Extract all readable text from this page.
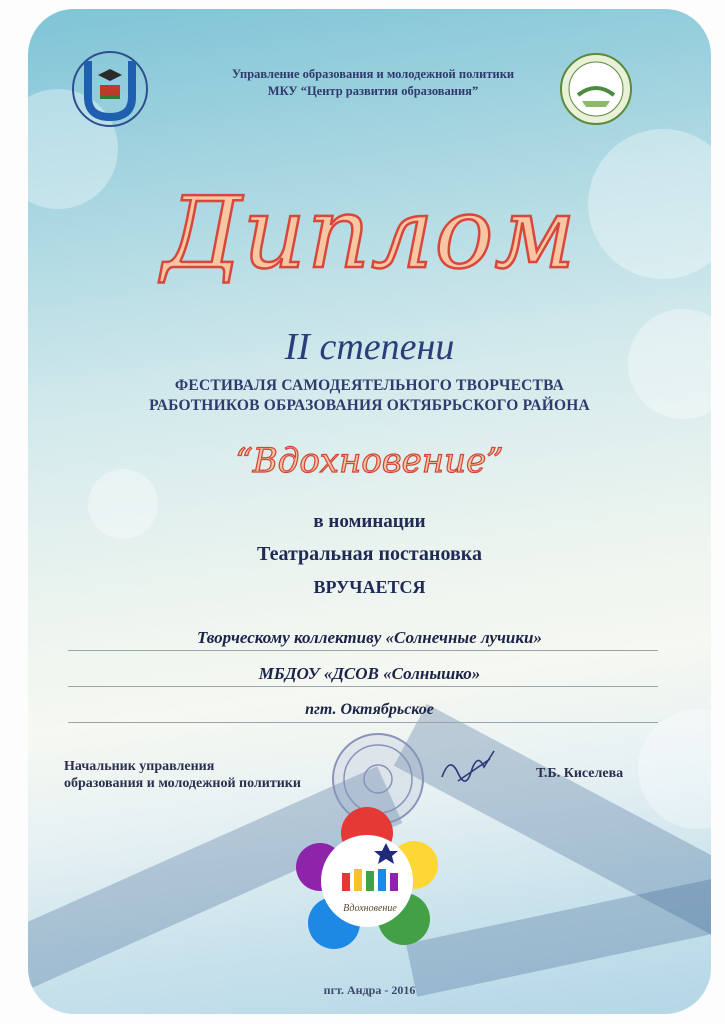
Управление образования и молодежной политики
МКУ “Центр развития образования”
Диплом
II степени
ФЕСТИВАЛЯ САМОДЕЯТЕЛЬНОГО ТВОРЧЕСТВА
РАБОТНИКОВ ОБРАЗОВАНИЯ ОКТЯБРЬСКОГО РАЙОНА
“Вдохновение”
в номинации
Театральная постановка
ВРУЧАЕТСЯ
Творческому коллективу «Солнечные лучики»
МБДОУ «ДСОВ «Солнышко»
пгт. Октябрьское
Начальник управления
образования и молодежной политики
Т.Б. Киселева
Вдохновение
пгт. Андра - 2016
